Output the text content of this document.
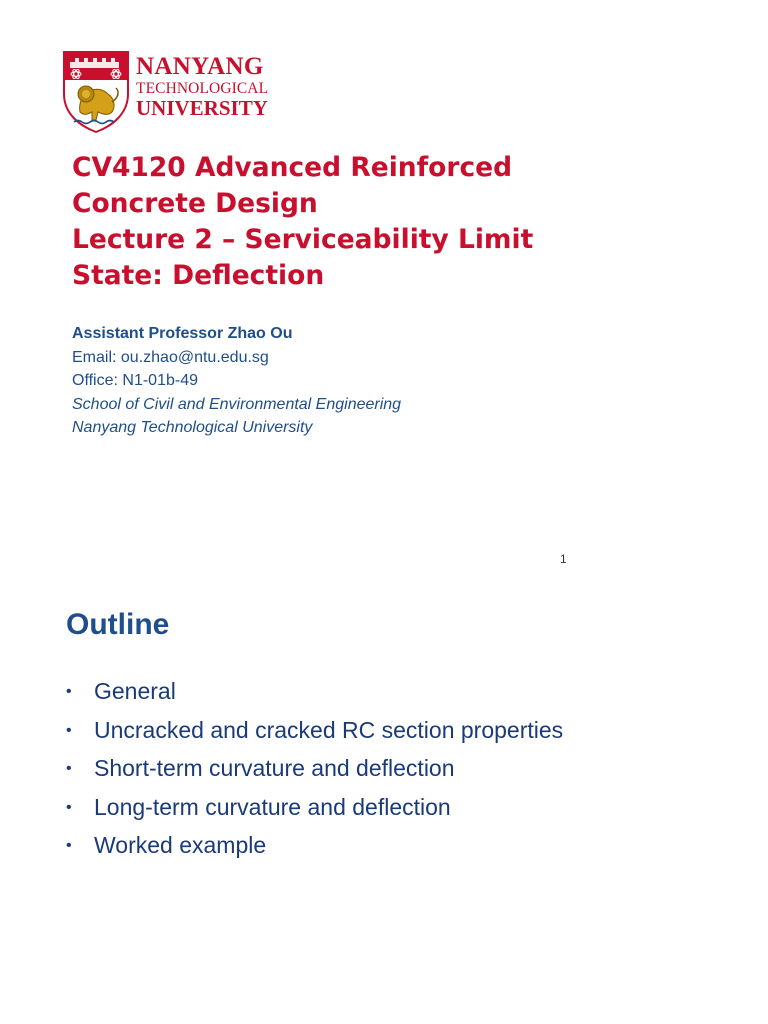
NANYANG
TECHNOLOGICAL
UNIVERSITY
CV4120 Advanced Reinforced
Concrete Design
Lecture 2 – Serviceability Limit
State: Deflection
Assistant Professor Zhao Ou
Email: ou.zhao@ntu.edu.sg
Office: N1-01b-49
School of Civil and Environmental Engineering
Nanyang Technological University
1
Outline
• General
• Uncracked and cracked RC section properties
• Short-term curvature and deflection
• Long-term curvature and deflection
• Worked example
